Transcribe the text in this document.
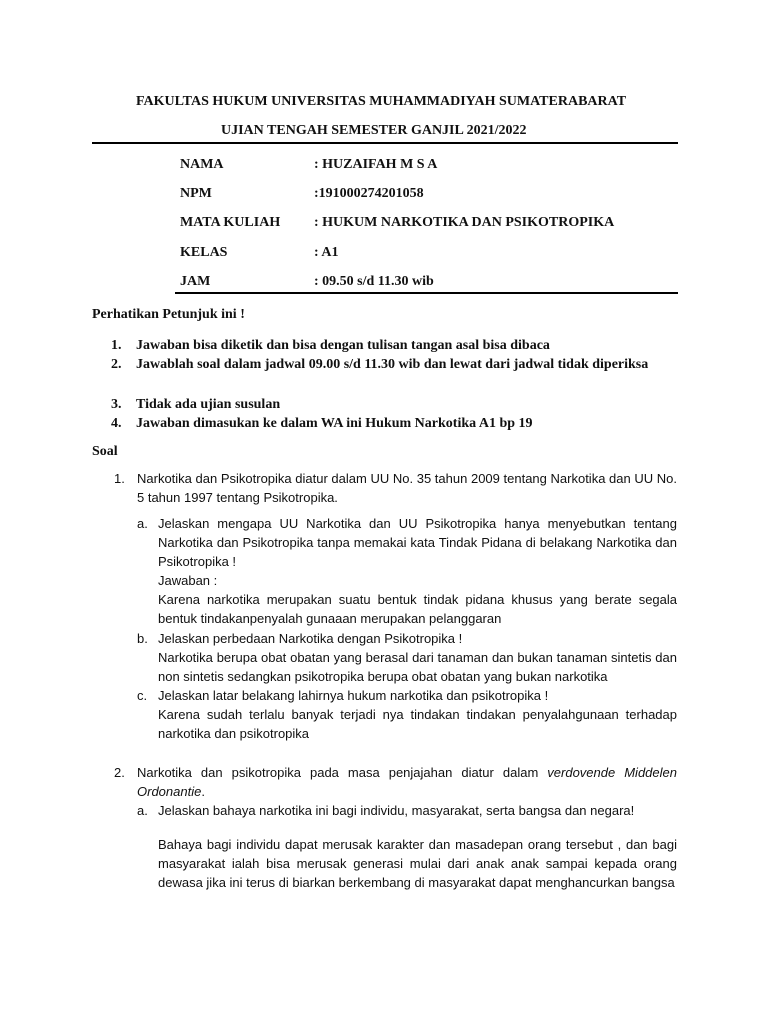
FAKULTAS HUKUM UNIVERSITAS MUHAMMADIYAH SUMATERABARAT
UJIAN TENGAH SEMESTER GANJIL 2021/2022
NAMA	: HUZAIFAH M S A
NPM	:191000274201058
MATA KULIAH : HUKUM NARKOTIKA DAN PSIKOTROPIKA
KELAS	: A1
JAM	: 09.50 s/d 11.30 wib
Perhatikan Petunjuk ini !
1. Jawaban bisa diketik dan bisa dengan tulisan tangan asal bisa dibaca
2. Jawablah soal dalam jadwal 09.00 s/d 11.30 wib dan lewat dari jadwal tidak diperiksa
3. Tidak ada ujian susulan
4. Jawaban dimasukan ke dalam WA ini Hukum Narkotika A1 bp 19
Soal
1. Narkotika dan Psikotropika diatur dalam UU No. 35 tahun 2009 tentang Narkotika dan UU No. 5 tahun 1997 tentang Psikotropika.
a. Jelaskan mengapa UU Narkotika dan UU Psikotropika hanya menyebutkan tentang Narkotika dan Psikotropika tanpa memakai kata Tindak Pidana di belakang Narkotika dan Psikotropika !
Jawaban :
Karena narkotika merupakan suatu bentuk tindak pidana khusus yang berate segala bentuk tindakanpenyalah gunaaan merupakan pelanggaran
b. Jelaskan perbedaan Narkotika dengan Psikotropika !
Narkotika berupa obat obatan yang berasal dari tanaman dan bukan tanaman sintetis dan non sintetis sedangkan psikotropika berupa obat obatan yang bukan narkotika
c. Jelaskan latar belakang lahirnya hukum narkotika dan psikotropika !
Karena sudah terlalu banyak terjadi nya tindakan tindakan penyalahgunaan terhadap narkotika dan psikotropika
2. Narkotika dan psikotropika pada masa penjajahan diatur dalam verdovende Middelen Ordonantie.
a. Jelaskan bahaya narkotika ini bagi individu, masyarakat, serta bangsa dan negara!
Bahaya bagi individu dapat merusak karakter dan masadepan orang tersebut , dan bagi masyarakat ialah bisa merusak generasi mulai dari anak anak sampai kepada orang dewasa jika ini terus di biarkan berkembang di masyarakat dapat menghancurkan bangsa
